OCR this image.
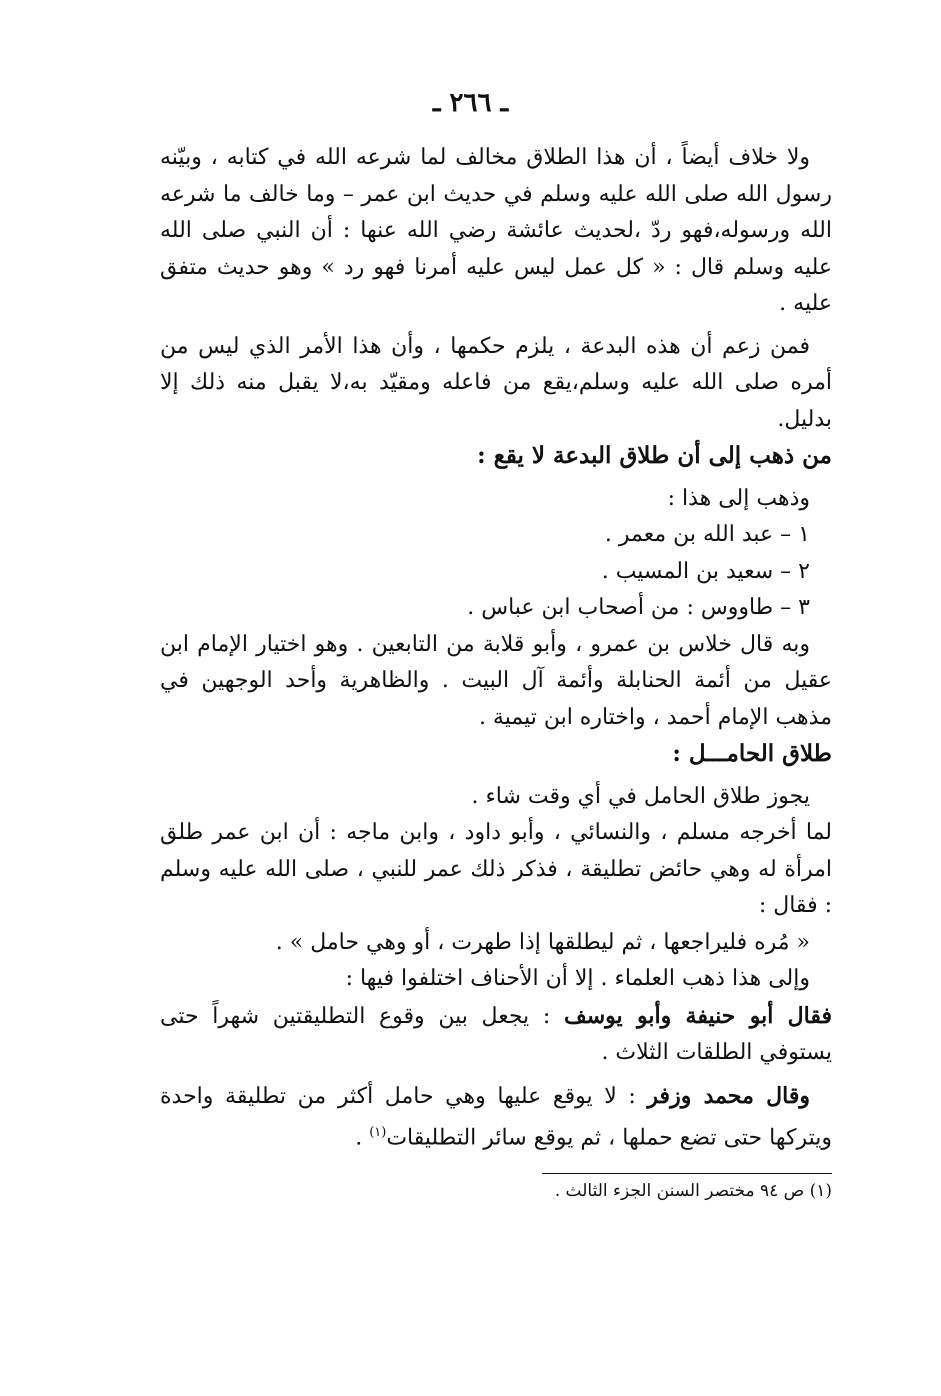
ـ ٢٦٦ ـ

ولا خلاف أيضاً ، أن هذا الطلاق مخالف لما شرعه الله في كتابه ، وبيّنه رسول الله صلى الله عليه وسلم في حديث ابن عمر – وما خالف ما شرعه الله ورسوله،فهو ردّ ،لحديث عائشة رضي الله عنها : أن النبي صلى الله عليه وسلم قال : « كل عمل ليس عليه أمرنا فهو رد » وهو حديث متفق عليه .

فمن زعم أن هذه البدعة ، يلزم حكمها ، وأن هذا الأمر الذي ليس من أمره صلى الله عليه وسلم،يقع من فاعله ومقيّد به،لا يقبل منه ذلك إلا بدليل.

من ذهب إلى أن طلاق البدعة لا يقع :

وذهب إلى هذا :

١ – عبد الله بن معمر .

٢ – سعيد بن المسيب .

٣ – طاووس : من أصحاب ابن عباس .

وبه قال خلاس بن عمرو ، وأبو قلابة من التابعين . وهو اختيار الإمام ابن عقيل من أئمة الحنابلة وأئمة آل البيت . والظاهرية وأحد الوجهين في مذهب الإمام أحمد ، واختاره ابن تيمية .

طلاق الحامـــل :

يجوز طلاق الحامل في أي وقت شاء .

لما أخرجه مسلم ، والنسائي ، وأبو داود ، وابن ماجه : أن ابن عمر طلق امرأة له وهي حائض تطليقة ، فذكر ذلك عمر للنبي ، صلى الله عليه وسلم : فقال :

« مُره فليراجعها ، ثم ليطلقها إذا طهرت ، أو وهي حامل » .

وإلى هذا ذهب العلماء . إلا أن الأحناف اختلفوا فيها :

فقال أبو حنيفة وأبو يوسف : يجعل بين وقوع التطليقتين شهراً حتى يستوفي الطلقات الثلاث .

وقال محمد وزفر : لا يوقع عليها وهي حامل أكثر من تطليقة واحدة ويتركها حتى تضع حملها ، ثم يوقع سائر التطليقات$^{(١)}$ .

(١) ص ٩٤ مختصر السنن الجزء الثالث .
